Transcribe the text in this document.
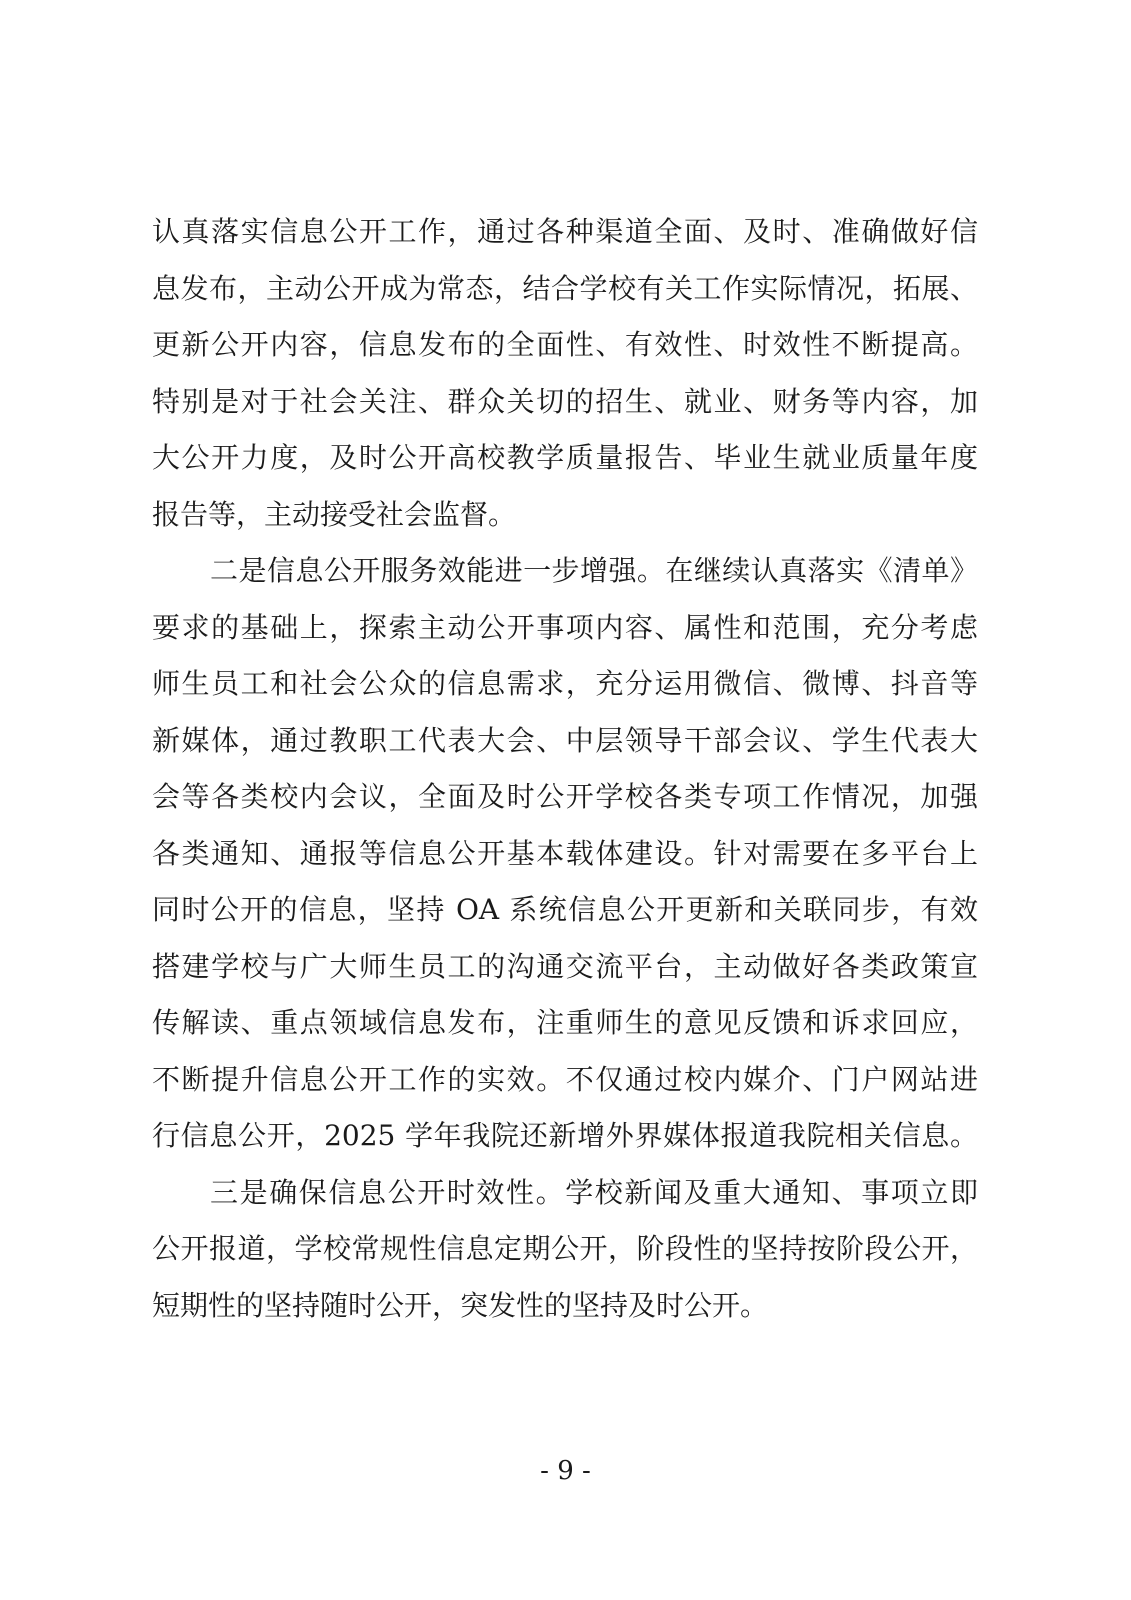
认真落实信息公开工作，通过各种渠道全面、及时、准确做好信
息发布，主动公开成为常态，结合学校有关工作实际情况，拓展、
更新公开内容，信息发布的全面性、有效性、时效性不断提高。
特别是对于社会关注、群众关切的招生、就业、财务等内容，加
大公开力度，及时公开高校教学质量报告、毕业生就业质量年度
报告等，主动接受社会监督。
二是信息公开服务效能进一步增强。在继续认真落实《清单》
要求的基础上，探索主动公开事项内容、属性和范围，充分考虑
师生员工和社会公众的信息需求，充分运用微信、微博、抖音等
新媒体，通过教职工代表大会、中层领导干部会议、学生代表大
会等各类校内会议，全面及时公开学校各类专项工作情况，加强
各类通知、通报等信息公开基本载体建设。针对需要在多平台上
同时公开的信息，坚持 OA 系统信息公开更新和关联同步，有效
搭建学校与广大师生员工的沟通交流平台，主动做好各类政策宣
传解读、重点领域信息发布，注重师生的意见反馈和诉求回应，
不断提升信息公开工作的实效。不仅通过校内媒介、门户网站进
行信息公开，2025 学年我院还新增外界媒体报道我院相关信息。
三是确保信息公开时效性。学校新闻及重大通知、事项立即
公开报道，学校常规性信息定期公开，阶段性的坚持按阶段公开，
短期性的坚持随时公开，突发性的坚持及时公开。
- 9 -
